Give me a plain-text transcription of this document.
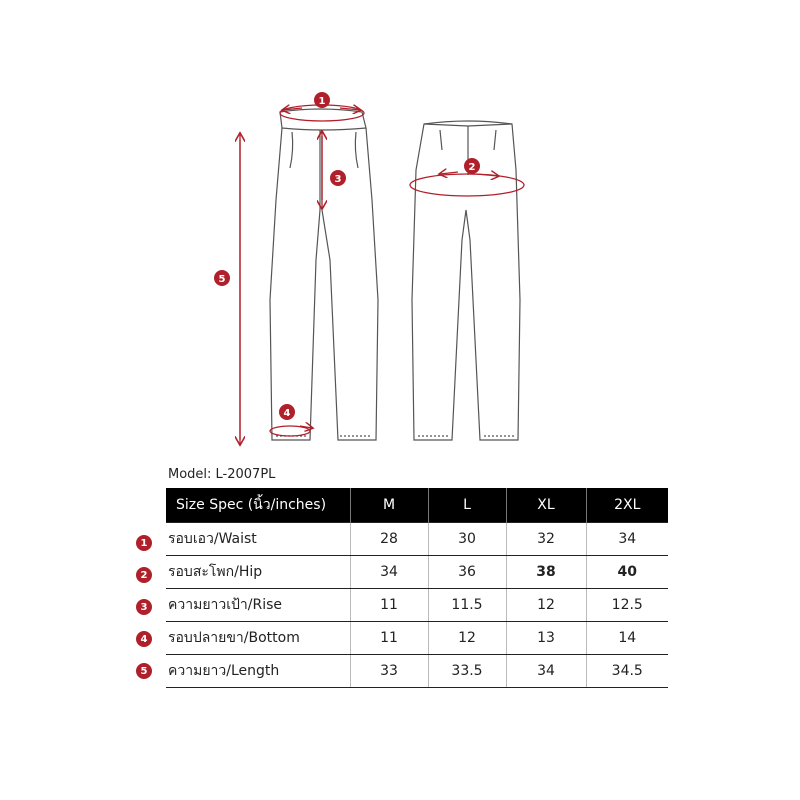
1
2
3
4
5
Model: L-2007PL
Size Spec (นิ้ว/inches)	M	L	XL	2XL
รอบเอว/Waist	28	30	32	34
รอบสะโพก/Hip	34	36	38	40
ความยาวเป้า/Rise	11	11.5	12	12.5
รอบปลายขา/Bottom	11	12	13	14
ความยาว/Length	33	33.5	34	34.5
1
2
3
4
5
